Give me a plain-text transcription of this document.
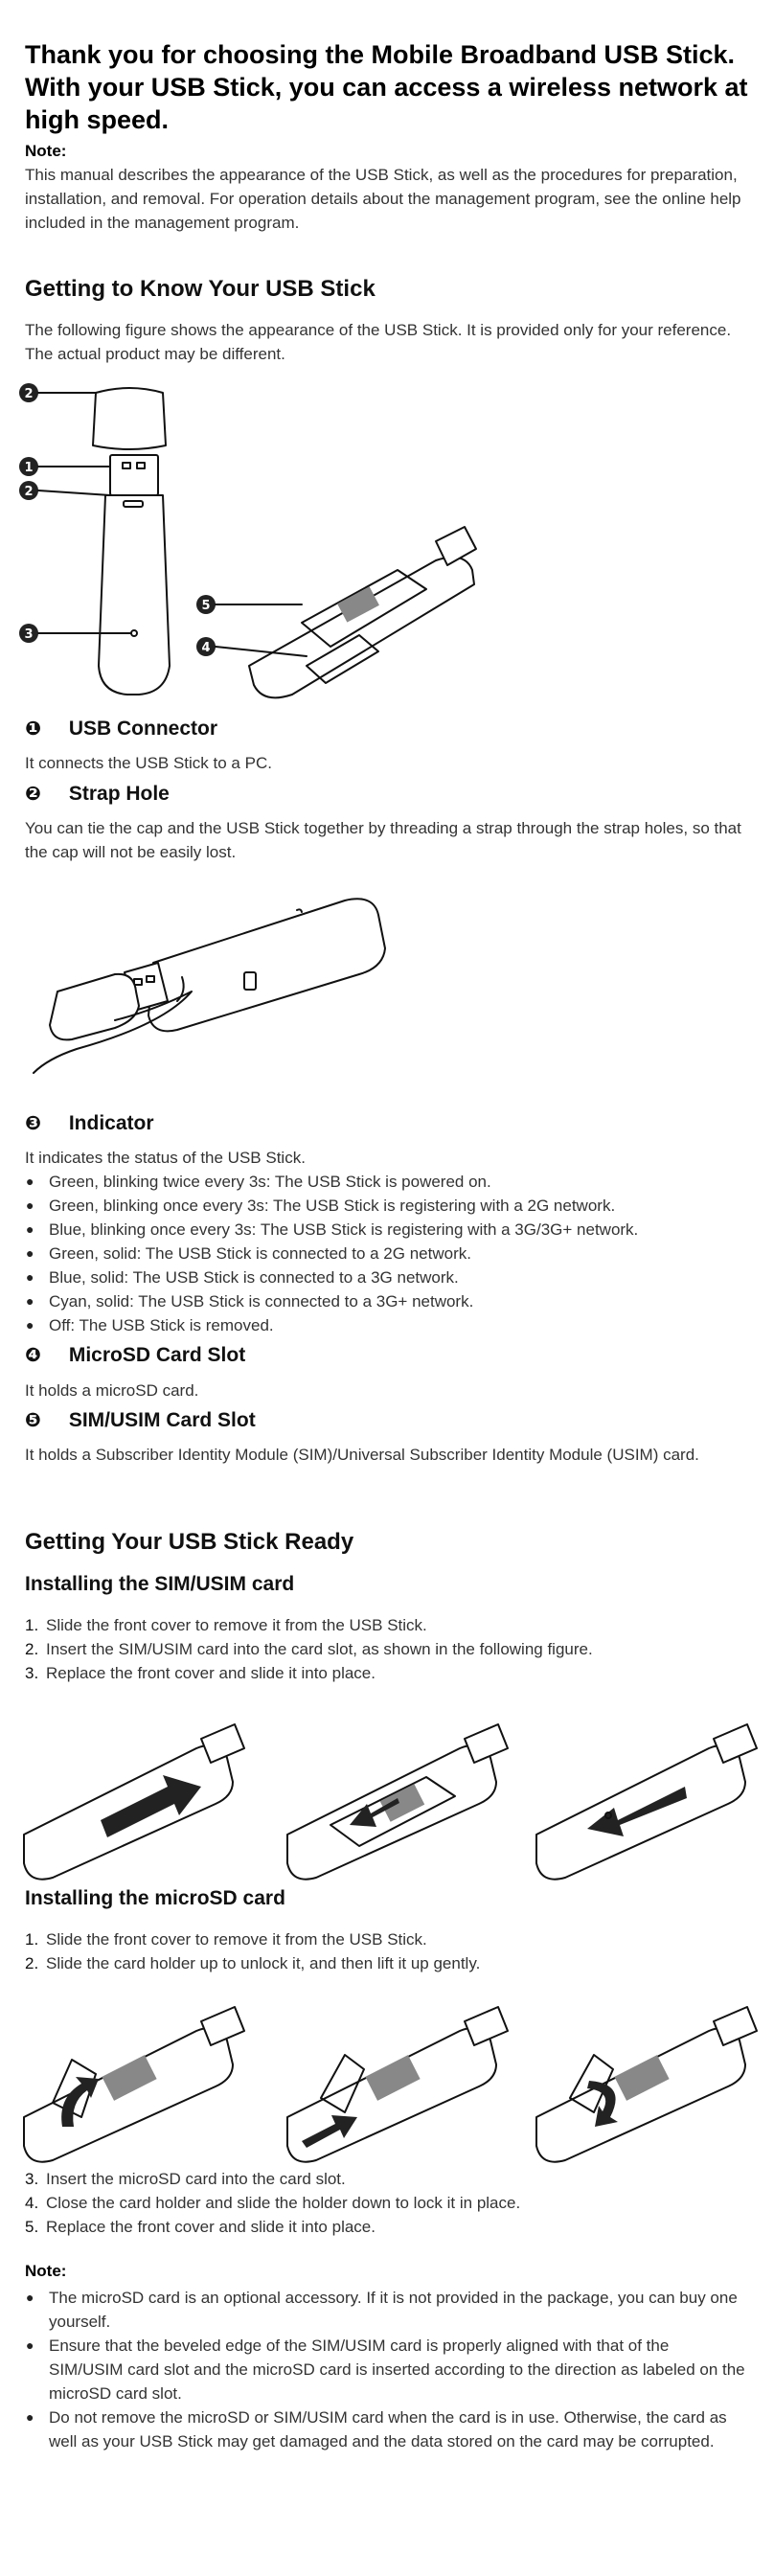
Thank you for choosing the Mobile Broadband USB Stick. With your USB Stick, you can access a wireless network at high speed.
Note:
This manual describes the appearance of the USB Stick, as well as the procedures for preparation, installation, and removal. For operation details about the management program, see the online help included in the management program.
Getting to Know Your USB Stick
The following figure shows the appearance of the USB Stick. It is provided only for your reference. The actual product may be different.
2
1
2
3
5
4
❶ USB Connector
It connects the USB Stick to a PC.
❷ Strap Hole
You can tie the cap and the USB Stick together by threading a strap through the strap holes, so that the cap will not be easily lost.
❸ Indicator
It indicates the status of the USB Stick.
● Green, blinking twice every 3s: The USB Stick is powered on.
● Green, blinking once every 3s: The USB Stick is registering with a 2G network.
● Blue, blinking once every 3s: The USB Stick is registering with a 3G/3G+ network.
● Green, solid: The USB Stick is connected to a 2G network.
● Blue, solid: The USB Stick is connected to a 3G network.
● Cyan, solid: The USB Stick is connected to a 3G+ network.
● Off: The USB Stick is removed.
❹ MicroSD Card Slot
It holds a microSD card.
❺ SIM/USIM Card Slot
It holds a Subscriber Identity Module (SIM)/Universal Subscriber Identity Module (USIM) card.
Getting Your USB Stick Ready
Installing the SIM/USIM card
1. Slide the front cover to remove it from the USB Stick.
2. Insert the SIM/USIM card into the card slot, as shown in the following figure.
3. Replace the front cover and slide it into place.
Installing the microSD card
1. Slide the front cover to remove it from the USB Stick.
2. Slide the card holder up to unlock it, and then lift it up gently.
3. Insert the microSD card into the card slot.
4. Close the card holder and slide the holder down to lock it in place.
5. Replace the front cover and slide it into place.
Note:
● The microSD card is an optional accessory. If it is not provided in the package, you can buy one yourself.
● Ensure that the beveled edge of the SIM/USIM card is properly aligned with that of the SIM/USIM card slot and the microSD card is inserted according to the direction as labeled on the microSD card slot.
● Do not remove the microSD or SIM/USIM card when the card is in use. Otherwise, the card as well as your USB Stick may get damaged and the data stored on the card may be corrupted.
